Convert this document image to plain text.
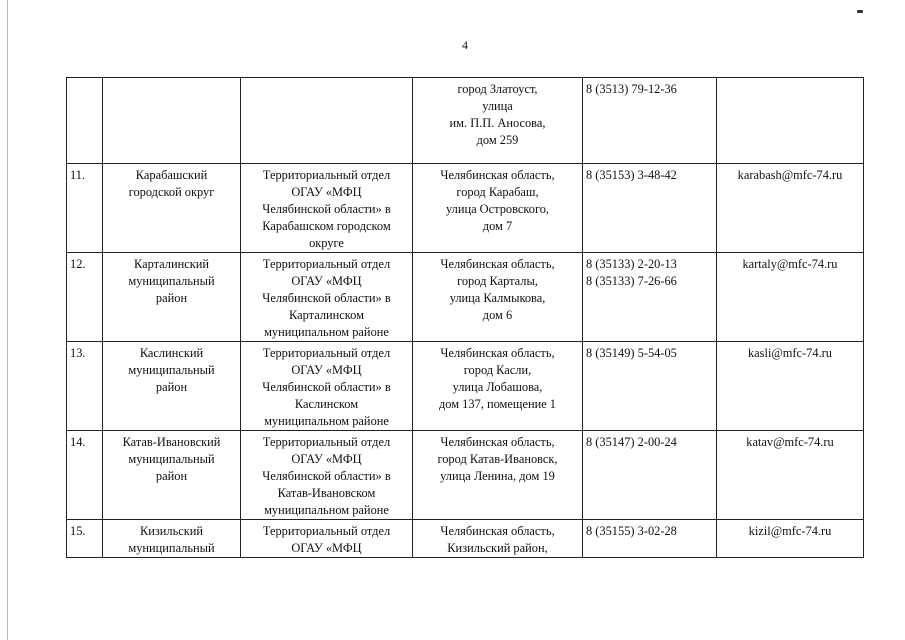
4

			город Златоуст,
улица
им. П.П. Аносова,
дом 259	8 (3513) 79-12-36	

11.	Карабашский
городской округ	Территориальный отдел
ОГАУ «МФЦ
Челябинской области» в
Карабашском городском
округе	Челябинская область,
город Карабаш,
улица Островского,
дом 7	8 (35153) 3-48-42	karabash@mfc-74.ru
12.	Карталинский
муниципальный
район	Территориальный отдел
ОГАУ «МФЦ
Челябинской области» в
Карталинском
муниципальном районе	Челябинская область,
город Карталы,
улица Калмыкова,
дом 6	8 (35133) 2-20-13
8 (35133) 7-26-66	kartaly@mfc-74.ru
13.	Каслинский
муниципальный
район	Территориальный отдел
ОГАУ «МФЦ
Челябинской области» в
Каслинском
муниципальном районе	Челябинская область,
город Касли,
улица Лобашова,
дом 137, помещение 1	8 (35149) 5-54-05	kasli@mfc-74.ru
14.	Катав-Ивановский
муниципальный
район	Территориальный отдел
ОГАУ «МФЦ
Челябинской области» в
Катав-Ивановском
муниципальном районе	Челябинская область,
город Катав-Ивановск,
улица Ленина, дом 19	8 (35147) 2-00-24	katav@mfc-74.ru
15.	Кизильский
муниципальный	Территориальный отдел
ОГАУ «МФЦ	Челябинская область,
Кизильский район,	8 (35155) 3-02-28	kizil@mfc-74.ru
